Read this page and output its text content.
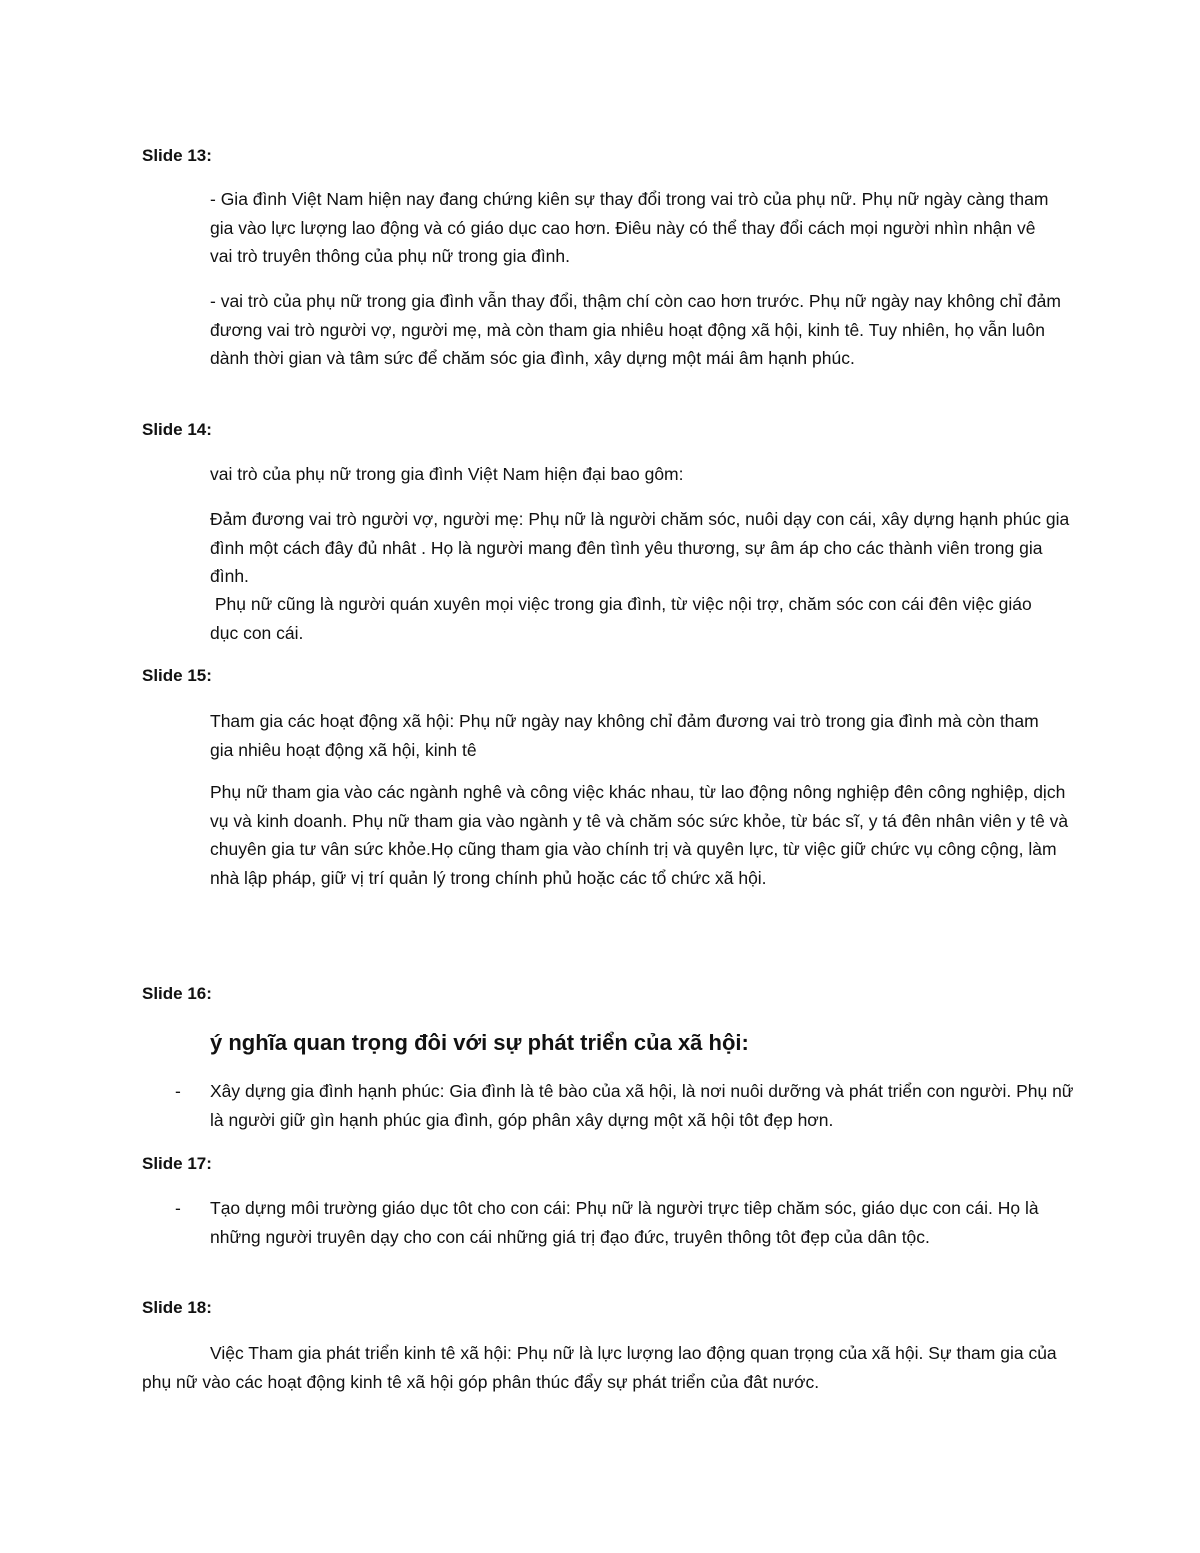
Slide 13:
- Gia đình Việt Nam hiện nay đang chứng kiên sự thay đổi trong vai trò của phụ nữ. Phụ nữ ngày càng tham gia vào lực lượng lao động và có giáo dục cao hơn. Điêu này có thể thay đổi cách mọi người nhìn nhận vê vai trò truyên thông của phụ nữ trong gia đình.
- vai trò của phụ nữ trong gia đình vẫn thay đổi, thậm chí còn cao hơn trước. Phụ nữ ngày nay không chỉ đảm đương vai trò người vợ, người mẹ, mà còn tham gia nhiêu hoạt động xã hội, kinh tê. Tuy nhiên, họ vẫn luôn dành thời gian và tâm sức để chăm sóc gia đình, xây dựng một mái âm hạnh phúc.
Slide 14:
vai trò của phụ nữ trong gia đình Việt Nam hiện đại bao gôm:
Đảm đương vai trò người vợ, người mẹ: Phụ nữ là người chăm sóc, nuôi dạy con cái, xây dựng hạnh phúc gia đình một cách đây đủ nhât . Họ là người mang đên tình yêu thương, sự âm áp cho các thành viên trong gia đình.
Phụ nữ cũng là người quán xuyên mọi việc trong gia đình, từ việc nội trợ, chăm sóc con cái đên việc giáo dục con cái.
Slide 15:
Tham gia các hoạt động xã hội: Phụ nữ ngày nay không chỉ đảm đương vai trò trong gia đình mà còn tham gia nhiêu hoạt động xã hội, kinh tê
Phụ nữ tham gia vào các ngành nghê và công việc khác nhau, từ lao động nông nghiệp đên công nghiệp, dịch vụ và kinh doanh. Phụ nữ tham gia vào ngành y tê và chăm sóc sức khỏe, từ bác sĩ, y tá đên nhân viên y tê và chuyên gia tư vân sức khỏe.Họ cũng tham gia vào chính trị và quyên lực, từ việc giữ chức vụ công cộng, làm nhà lập pháp, giữ vị trí quản lý trong chính phủ hoặc các tổ chức xã hội.
Slide 16:
ý nghĩa quan trọng đôi với sự phát triển của xã hội:
- Xây dựng gia đình hạnh phúc: Gia đình là tê bào của xã hội, là nơi nuôi dưỡng và phát triển con người. Phụ nữ là người giữ gìn hạnh phúc gia đình, góp phân xây dựng một xã hội tôt đẹp hơn.
Slide 17:
- Tạo dựng môi trường giáo dục tôt cho con cái: Phụ nữ là người trực tiêp chăm sóc, giáo dục con cái. Họ là những người truyên dạy cho con cái những giá trị đạo đức, truyên thông tôt đẹp của dân tộc.
Slide 18:
Việc Tham gia phát triển kinh tê xã hội: Phụ nữ là lực lượng lao động quan trọng của xã hội. Sự tham gia của phụ nữ vào các hoạt động kinh tê xã hội góp phân thúc đẩy sự phát triển của đât nước.
